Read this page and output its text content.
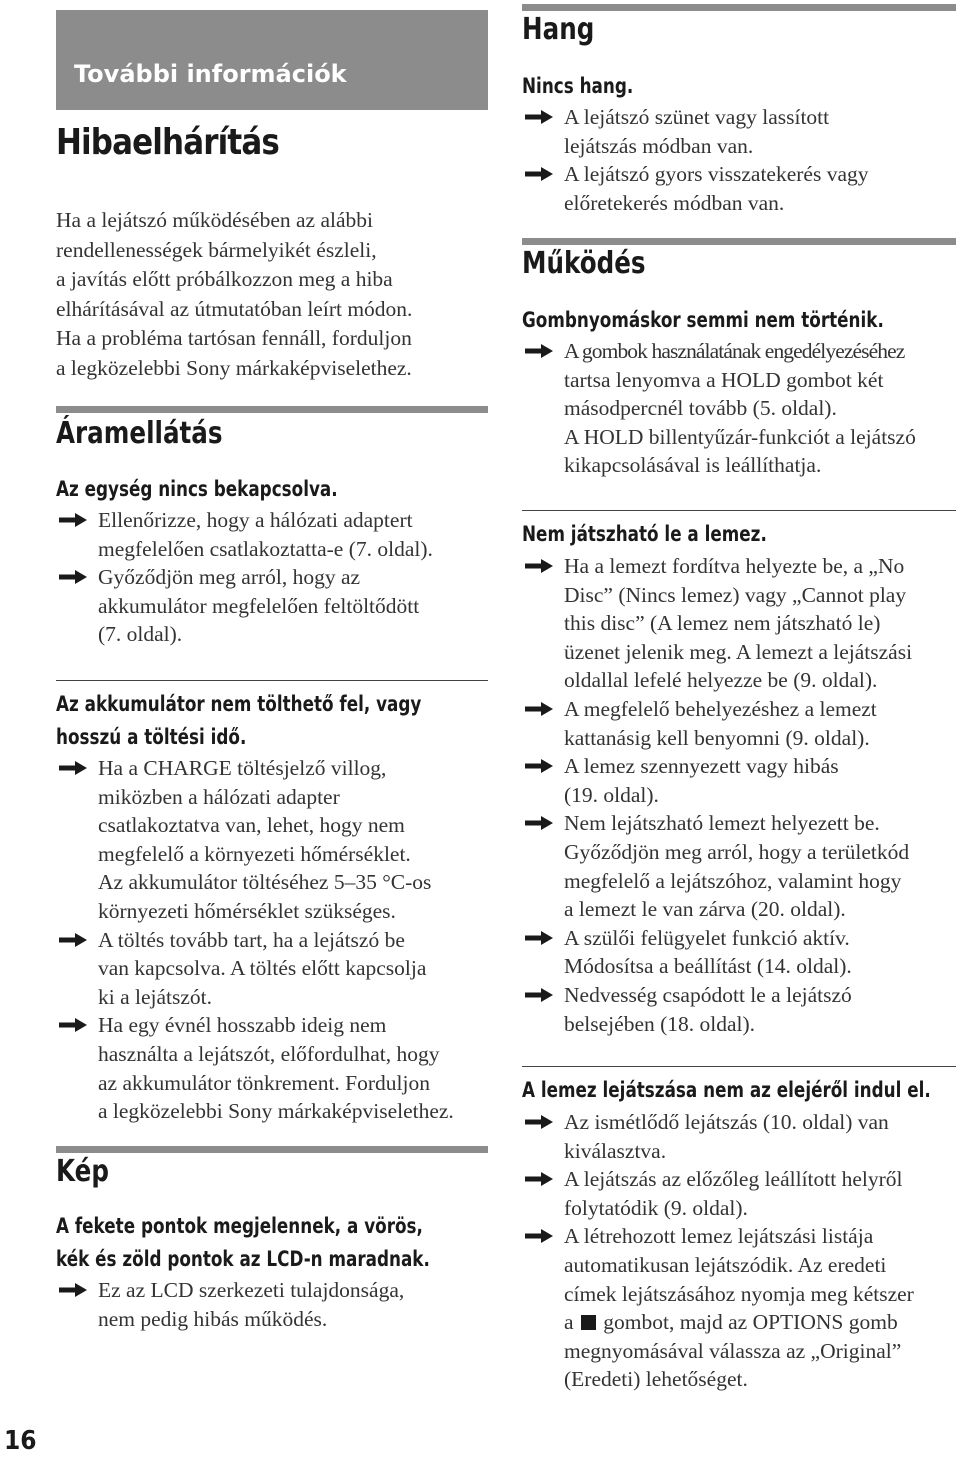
További információk
Hibaelhárítás
Ha a lejátszó működésében az alábbi
rendellenességek bármelyikét észleli,
a javítás előtt próbálkozzon meg a hiba
elhárításával az útmutatóban leírt módon.
Ha a probléma tartósan fennáll, forduljon
a legközelebbi Sony márkaképviselethez.
Áramellátás
Az egység nincs bekapcsolva.
Ellenőrizze, hogy a hálózati adaptert
megfelelően csatlakoztatta-e (7. oldal).
Győződjön meg arról, hogy az
akkumulátor megfelelően feltöltődött
(7. oldal).
Az akkumulátor nem tölthető fel, vagy
hosszú a töltési idő.
Ha a CHARGE töltésjelző villog,
miközben a hálózati adapter
csatlakoztatva van, lehet, hogy nem
megfelelő a környezeti hőmérséklet.
Az akkumulátor töltéséhez 5–35 °C-os
környezeti hőmérséklet szükséges.
A töltés tovább tart, ha a lejátszó be
van kapcsolva. A töltés előtt kapcsolja
ki a lejátszót.
Ha egy évnél hosszabb ideig nem
használta a lejátszót, előfordulhat, hogy
az akkumulátor tönkrement. Forduljon
a legközelebbi Sony márkaképviselethez.
Kép
A fekete pontok megjelennek, a vörös,
kék és zöld pontok az LCD-n maradnak.
Ez az LCD szerkezeti tulajdonsága,
nem pedig hibás működés.
Hang
Nincs hang.
A lejátszó szünet vagy lassított
lejátszás módban van.
A lejátszó gyors visszatekerés vagy
előretekerés módban van.
Működés
Gombnyomáskor semmi nem történik.
A gombok használatának engedélyezéséhez
tartsa lenyomva a HOLD gombot két
másodpercnél tovább (5. oldal).
A HOLD billentyűzár-funkciót a lejátszó
kikapcsolásával is leállíthatja.
Nem játszható le a lemez.
Ha a lemezt fordítva helyezte be, a „No
Disc” (Nincs lemez) vagy „Cannot play
this disc” (A lemez nem játszható le)
üzenet jelenik meg. A lemezt a lejátszási
oldallal lefelé helyezze be (9. oldal).
A megfelelő behelyezéshez a lemezt
kattanásig kell benyomni (9. oldal).
A lemez szennyezett vagy hibás
(19. oldal).
Nem lejátszható lemezt helyezett be.
Győződjön meg arról, hogy a területkód
megfelelő a lejátszóhoz, valamint hogy
a lemezt le van zárva (20. oldal).
A szülői felügyelet funkció aktív.
Módosítsa a beállítást (14. oldal).
Nedvesség csapódott le a lejátszó
belsejében (18. oldal).
A lemez lejátszása nem az elejéről indul el.
Az ismétlődő lejátszás (10. oldal) van
kiválasztva.
A lejátszás az előzőleg leállított helyről
folytatódik (9. oldal).
A létrehozott lemez lejátszási listája
automatikusan lejátszódik. Az eredeti
címek lejátszásához nyomja meg kétszer
a gombot, majd az OPTIONS gomb
megnyomásával válassza az „Original”
(Eredeti) lehetőséget.
16
